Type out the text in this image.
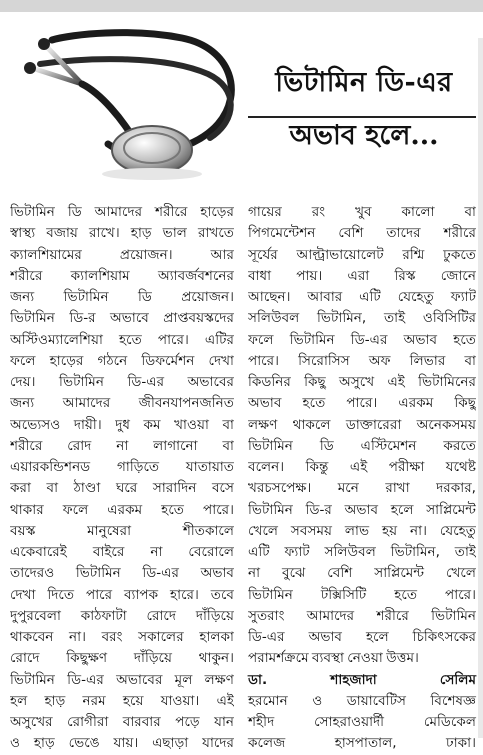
ভিটামিন ডি-এর
অভাব হলে...
ভিটামিন ডি আমাদের শরীরে হাড়ের
স্বাস্থ্য বজায় রাখে। হাড় ভাল রাখতে
ক্যালশিয়ামের প্রয়োজন। আর
শরীরে ক্যালশিয়াম অ্যাবর্জবশনের
জন্য ভিটামিন ডি প্রয়োজন।
ভিটামিন ডি-র অভাবে প্রাপ্তবয়স্কদের
অস্টিওম্যালেশিয়া হতে পারে। এটির
ফলে হাড়ের গঠনে ডিফর্মেশন দেখা
দেয়। ভিটামিন ডি-এর অভাবের
জন্য আমাদের জীবনযাপনজনিত
অভ্যেসও দায়ী। দুধ কম খাওয়া বা
শরীরে রোদ না লাগানো বা
এয়ারকন্ডিশনড গাড়িতে যাতায়াত
করা বা ঠাণ্ডা ঘরে সারাদিন বসে
থাকার ফলে এরকম হতে পারে।
বয়স্ক মানুষেরা শীতকালে
একেবারেই বাইরে না বেরোলে
তাদেরও ভিটামিন ডি-এর অভাব
দেখা দিতে পারে ব্যাপক হারে। তবে
দুপুরবেলা কাঠফাটা রোদে দাঁড়িয়ে
থাকবেন না। বরং সকালের হালকা
রোদে কিছুক্ষণ দাঁড়িয়ে থাকুন।
ভিটামিন ডি-এর অভাবের মূল লক্ষণ
হল হাড় নরম হয়ে যাওয়া। এই
অসুখের রোগীরা বারবার পড়ে যান
ও হাড় ভেঙে যায়। এছাড়া যাদের
গায়ের রং খুব কালো বা
পিগমেন্টেশন বেশি তাদের শরীরে
সূর্যের আল্ট্রাভায়োলেট রশ্মি ঢুকতে
বাধা পায়। এরা রিস্ক জোনে
আছেন। আবার এটি যেহেতু ফ্যাট
সলিউবল ভিটামিন, তাই ওবিসিটির
ফলে ভিটামিন ডি-এর অভাব হতে
পারে। সিরোসিস অফ লিভার বা
কিডনির কিছু অসুখে এই ভিটামিনের
অভাব হতে পারে। এরকম কিছু
লক্ষণ থাকলে ডাক্তারেরা অনেকসময়
ভিটামিন ডি এস্টিমেশন করতে
বলেন। কিন্তু এই পরীক্ষা যথেষ্ট
খরচসপেক্ষ। মনে রাখা দরকার,
ভিটামিন ডি-র অভাব হলে সাপ্লিমেন্ট
খেলে সবসময় লাভ হয় না। যেহেতু
এটি ফ্যাট সলিউবল ভিটামিন, তাই
না বুঝে বেশি সাপ্লিমেন্ট খেলে
ভিটামিন টক্সিসিটি হতে পারে।
সুতরাং আমাদের শরীরে ভিটামিন
ডি-এর অভাব হলে চিকিৎসকের
পরামর্শক্রমে ব্যবস্থা নেওয়া উত্তম।
ডা. শাহজাদা সেলিম
হরমোন ও ডায়াবেটিস বিশেষজ্ঞ
শহীদ সোহরাওয়ার্দী মেডিকেল
কলেজ হাসপাতাল, ঢাকা।
